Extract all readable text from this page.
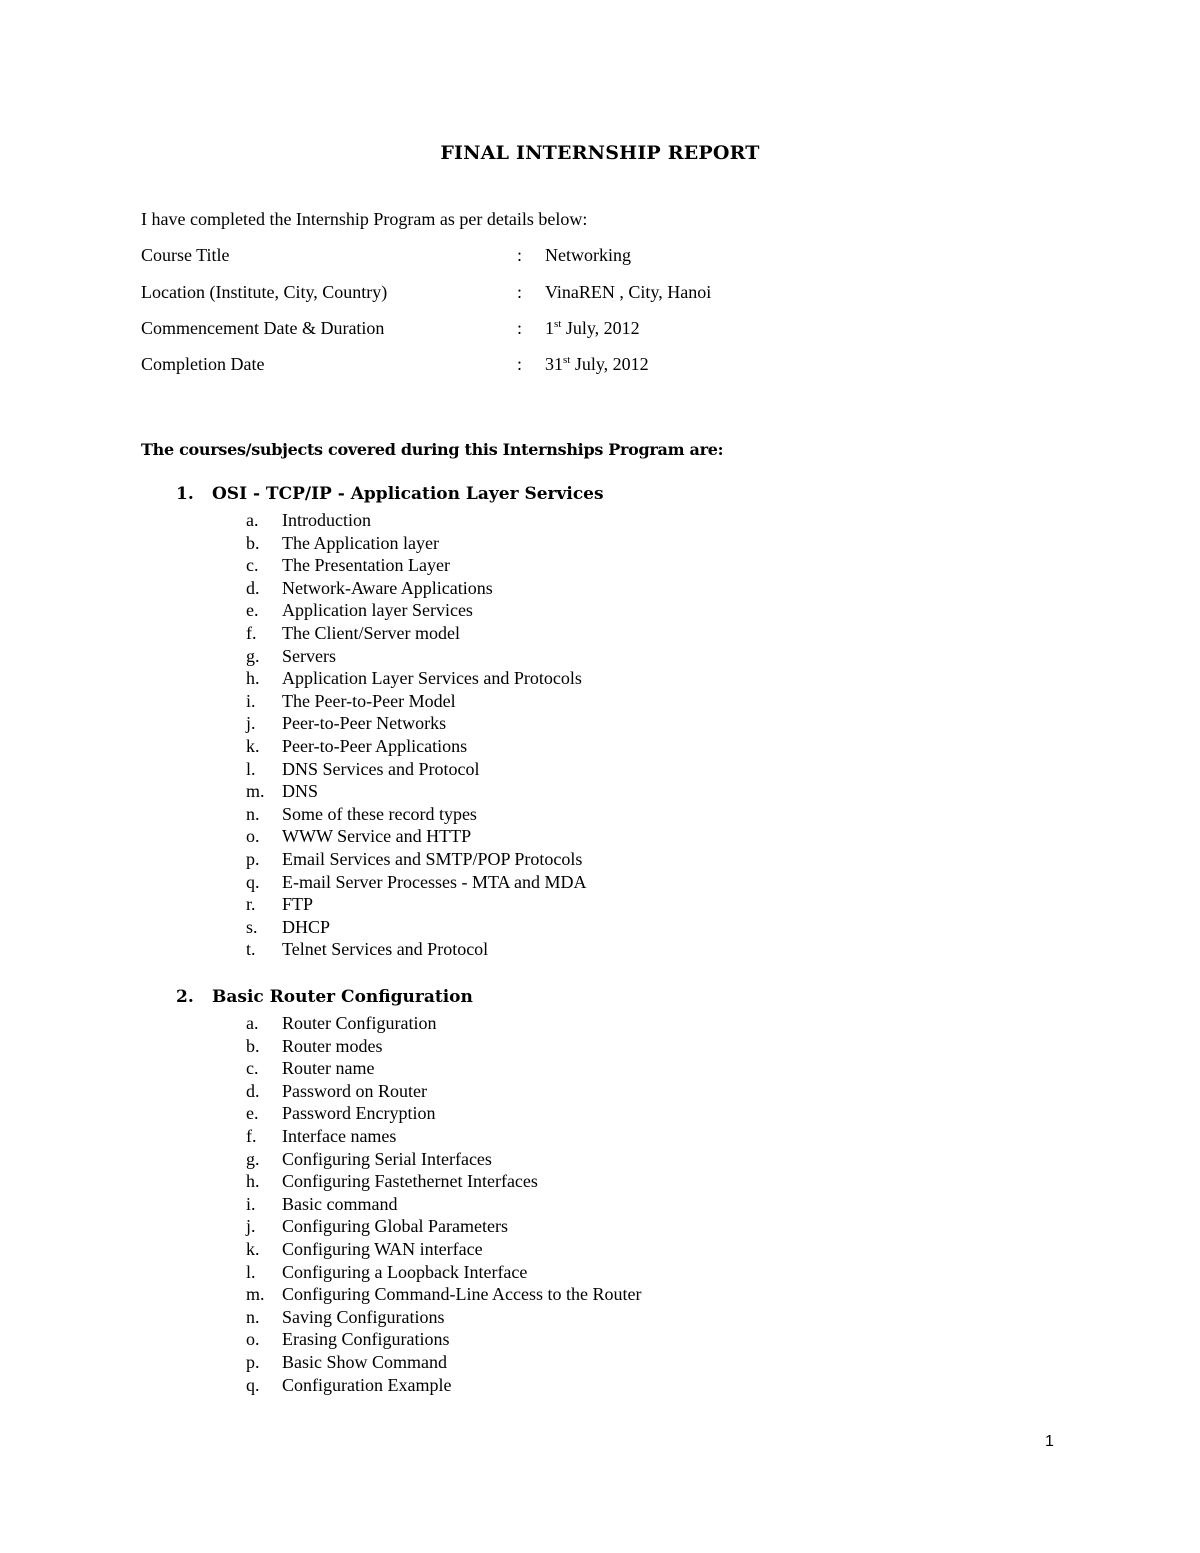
FINAL INTERNSHIP REPORT
I have completed the Internship Program as per details below:
Course Title	: Networking
Location (Institute, City, Country)	: VinaREN , City, Hanoi
Commencement Date & Duration	: 1st July, 2012
Completion Date	: 31st July, 2012
The courses/subjects covered during this Internships Program are:
1. OSI - TCP/IP - Application Layer Services
a. Introduction
b. The Application layer
c. The Presentation Layer
d. Network-Aware Applications
e. Application layer Services
f. The Client/Server model
g. Servers
h. Application Layer Services and Protocols
i. The Peer-to-Peer Model
j. Peer-to-Peer Networks
k. Peer-to-Peer Applications
l. DNS Services and Protocol
m. DNS
n. Some of these record types
o. WWW Service and HTTP
p. Email Services and SMTP/POP Protocols
q. E-mail Server Processes - MTA and MDA
r. FTP
s. DHCP
t. Telnet Services and Protocol
2. Basic Router Configuration
a. Router Configuration
b. Router modes
c. Router name
d. Password on Router
e. Password Encryption
f. Interface names
g. Configuring Serial Interfaces
h. Configuring Fastethernet Interfaces
i. Basic command
j. Configuring Global Parameters
k. Configuring WAN interface
l. Configuring a Loopback Interface
m. Configuring Command-Line Access to the Router
n. Saving Configurations
o. Erasing Configurations
p. Basic Show Command
q. Configuration Example
1
